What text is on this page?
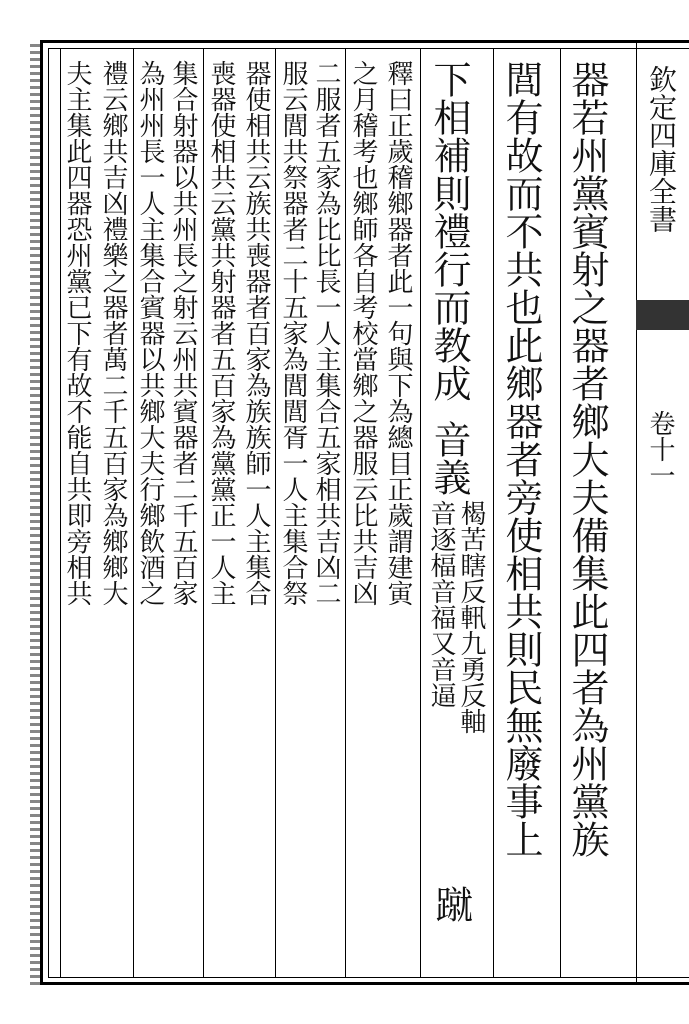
欽定四庫全書
卷十一
器若州黨賓射之器者鄉大夫備集此四者為州黨族
閭有故而不共也此鄉器者旁使相共則民無廢事上
下相補則禮行而教成
音義
楬苦瞎反軐九勇反軸
音逐楅音福又音逼
蹴
釋曰正歲稽鄉器者此一句與下為總目正歲謂建寅
之月稽考也鄉師各自考校當鄉之器服云比共吉凶
二服者五家為比比長一人主集合五家相共吉凶二
服云閭共祭器者二十五家為閭閭胥一人主集合祭
器使相共云族共喪器者百家為族族師一人主集合
喪器使相共云黨共射器者五百家為黨黨正一人主
集合射器以共州長之射云州共賓器者二千五百家
為州州長一人主集合賓器以共鄉大夫行鄉飲酒之
禮云鄉共吉凶禮樂之器者萬二千五百家為鄉鄉大
夫主集此四器恐州黨已下有故不能自共即旁相共
